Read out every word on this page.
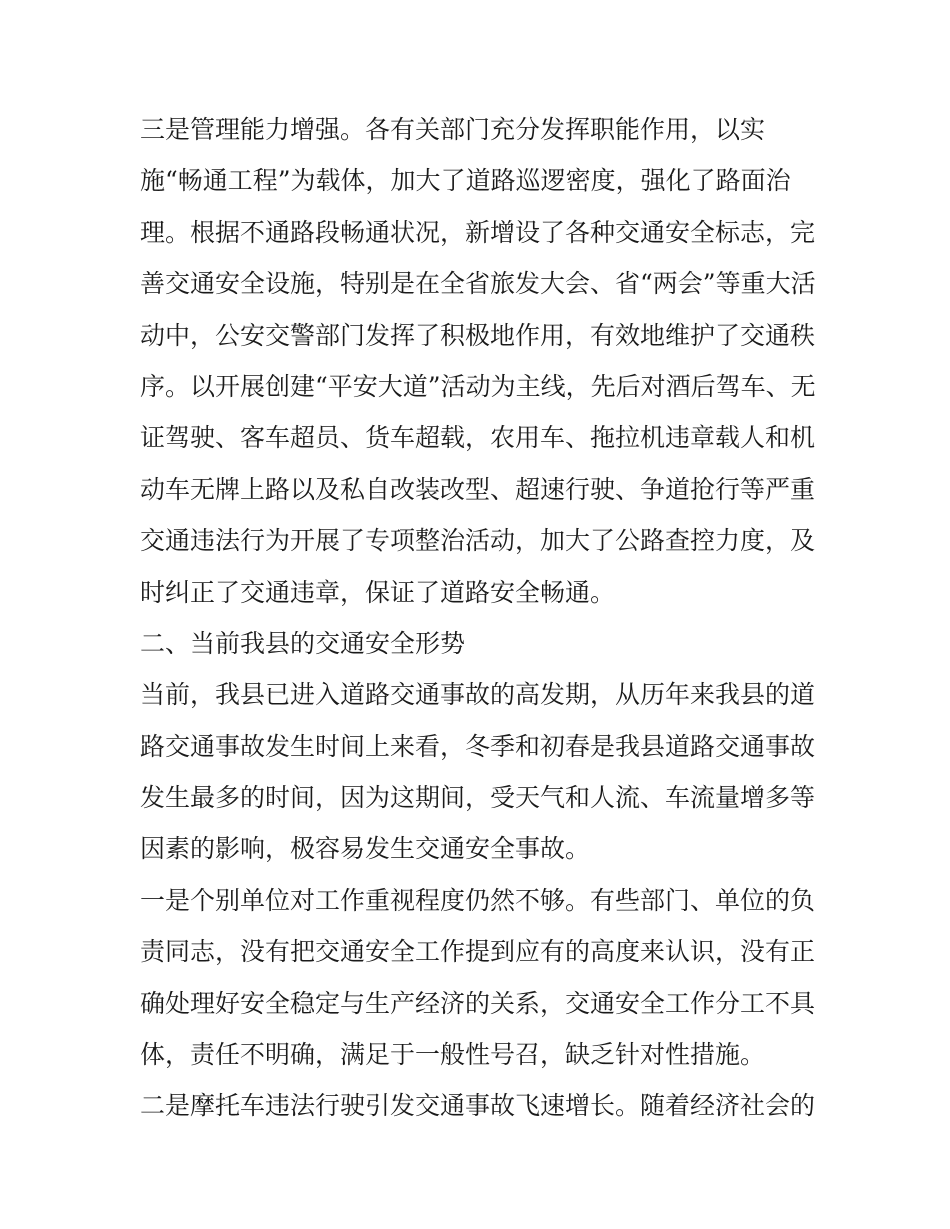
三是管理能力增强。各有关部门充分发挥职能作用，以实
施“畅通工程”为载体，加大了道路巡逻密度，强化了路面治
理。根据不通路段畅通状况，新增设了各种交通安全标志，完
善交通安全设施，特别是在全省旅发大会、省“两会”等重大活
动中，公安交警部门发挥了积极地作用，有效地维护了交通秩
序。以开展创建“平安大道”活动为主线，先后对酒后驾车、无
证驾驶、客车超员、货车超载，农用车、拖拉机违章载人和机
动车无牌上路以及私自改装改型、超速行驶、争道抢行等严重
交通违法行为开展了专项整治活动，加大了公路查控力度，及
时纠正了交通违章，保证了道路安全畅通。
二、当前我县的交通安全形势
当前，我县已进入道路交通事故的高发期，从历年来我县的道
路交通事故发生时间上来看，冬季和初春是我县道路交通事故
发生最多的时间，因为这期间，受天气和人流、车流量增多等
因素的影响，极容易发生交通安全事故。
一是个别单位对工作重视程度仍然不够。有些部门、单位的负
责同志，没有把交通安全工作提到应有的高度来认识，没有正
确处理好安全稳定与生产经济的关系，交通安全工作分工不具
体，责任不明确，满足于一般性号召，缺乏针对性措施。
二是摩托车违法行驶引发交通事故飞速增长。随着经济社会的
